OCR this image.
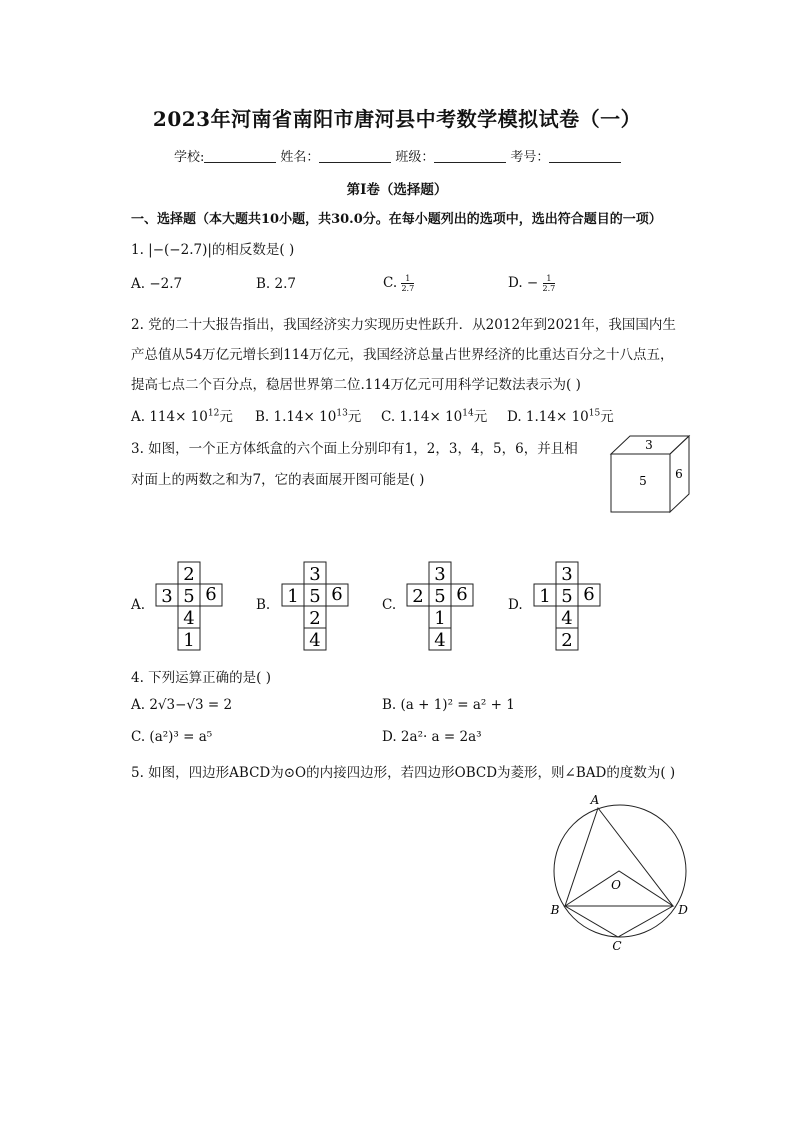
2023年河南省南阳市唐河县中考数学模拟试卷（一）
学校:	姓名：	班级：	考号：
第Ⅰ卷（选择题）
一、选择题（本大题共10小题，共30.0分。在每小题列出的选项中，选出符合题目的一项）
1. |−(−2.7)|的相反数是( )
A. −2.7	B. 2.7	C. $\frac{1}{2.7}$	D. − $\frac{1}{2.7}$
2. 党的二十大报告指出，我国经济实力实现历史性跃升．从2012年到2021年，我国国内生
产总值从54万亿元增长到114万亿元，我国经济总量占世界经济的比重达百分之十八点五，
提高七点二个百分点，稳居世界第二位.114万亿元可用科学记数法表示为( )
A. $114\times 10^{12}$元 B. $1.14\times 10^{13}$元 C. $1.14\times 10^{14}$元 D. $1.14\times 10^{15}$元
3. 如图，一个正方体纸盒的六个面上分别印有1，2，3，4，5，6，并且相
对面上的两数之和为7，它的表面展开图可能是( )
3
5 6
A.	B.	C.	D.
2
3 5 6
4
1
3
1 5 6
2
4
3
2 5 6
1
4
3
1 5 6
4
2
4. 下列运算正确的是( )
A. 2√3−√3 = 2	B. (a + 1)² = a² + 1
C. (a²)³ = a⁵	D. 2a²· a = 2a³
5. 如图，四边形ABCD为⊙O的内接四边形，若四边形OBCD为菱形，则∠BAD的度数为( )
A
B
C
D
O
